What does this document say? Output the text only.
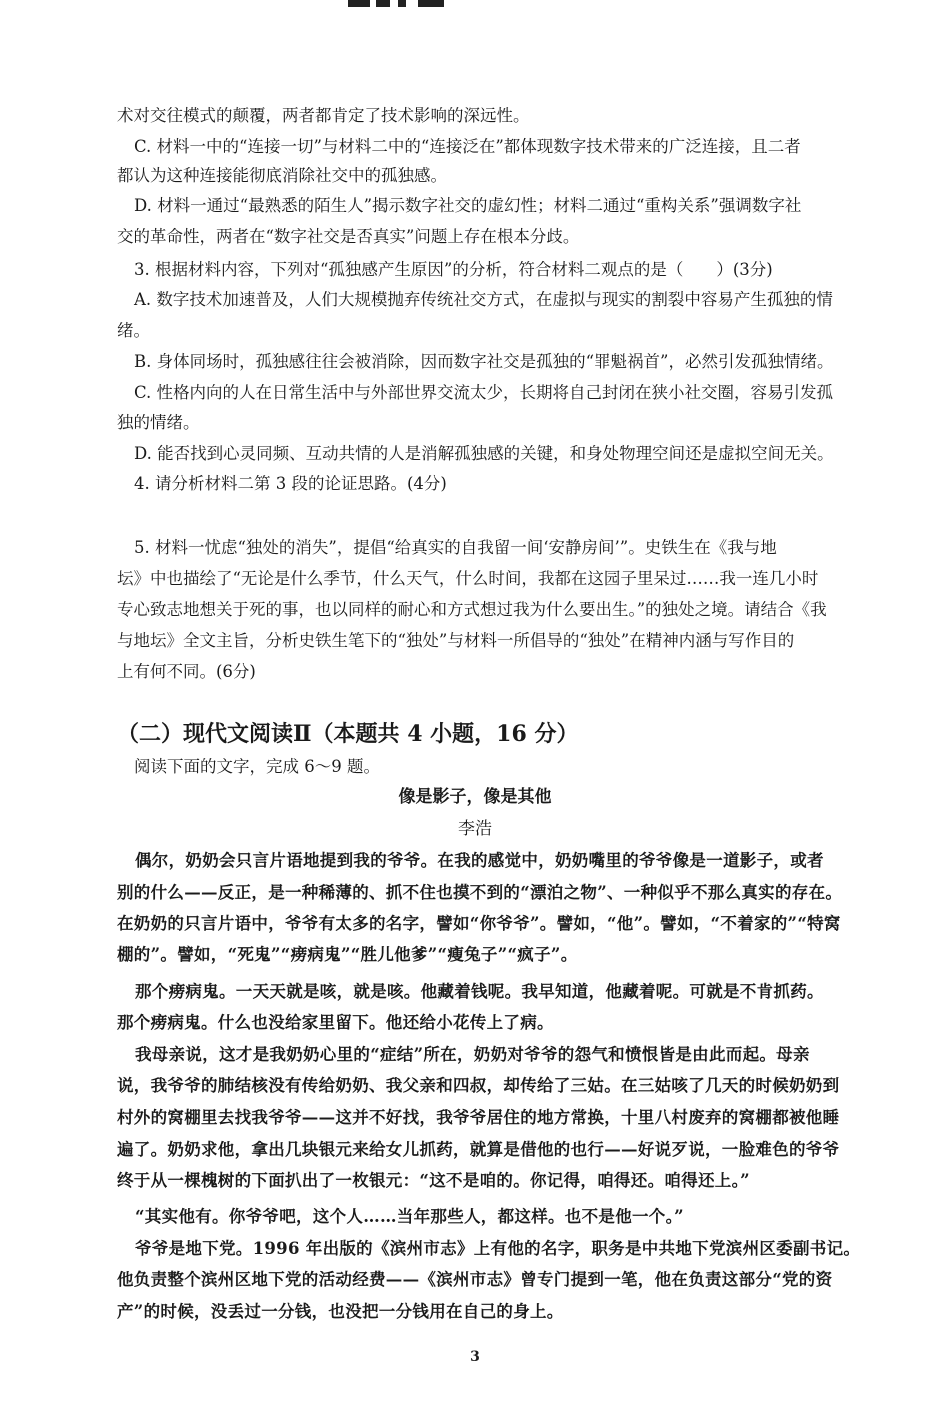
术对交往模式的颠覆，两者都肯定了技术影响的深远性。
C. 材料一中的“连接一切”与材料二中的“连接泛在”都体现数字技术带来的广泛连接，且二者
都认为这种连接能彻底消除社交中的孤独感。
D. 材料一通过“最熟悉的陌生人”揭示数字社交的虚幻性；材料二通过“重构关系”强调数字社
交的革命性，两者在“数字社交是否真实”问题上存在根本分歧。
3. 根据材料内容，下列对“孤独感产生原因”的分析，符合材料二观点的是（　　）(3分)
A. 数字技术加速普及，人们大规模抛弃传统社交方式，在虚拟与现实的割裂中容易产生孤独的情
绪。
B. 身体同场时，孤独感往往会被消除，因而数字社交是孤独的“罪魁祸首”，必然引发孤独情绪。
C. 性格内向的人在日常生活中与外部世界交流太少，长期将自己封闭在狭小社交圈，容易引发孤
独的情绪。
D. 能否找到心灵同频、互动共情的人是消解孤独感的关键，和身处物理空间还是虚拟空间无关。
4. 请分析材料二第 3 段的论证思路。(4分)
5. 材料一忧虑“独处的消失”，提倡“给真实的自我留一间‘安静房间’”。史铁生在《我与地
坛》中也描绘了“无论是什么季节，什么天气，什么时间，我都在这园子里呆过……我一连几小时
专心致志地想关于死的事，也以同样的耐心和方式想过我为什么要出生。”的独处之境。请结合《我
与地坛》全文主旨，分析史铁生笔下的“独处”与材料一所倡导的“独处”在精神内涵与写作目的
上有何不同。(6分)
（二）现代文阅读Ⅱ（本题共 4 小题，16 分）
阅读下面的文字，完成 6～9 题。
像是影子，像是其他
李浩
偶尔，奶奶会只言片语地提到我的爷爷。在我的感觉中，奶奶嘴里的爷爷像是一道影子，或者
别的什么——反正，是一种稀薄的、抓不住也摸不到的“漂泊之物”、一种似乎不那么真实的存在。
在奶奶的只言片语中，爷爷有太多的名字，譬如“你爷爷”。譬如，“他”。譬如，“不着家的”“特窝
棚的”。譬如，“死鬼”“痨病鬼”“胜儿他爹”“瘦兔子”“疯子”。
那个痨病鬼。一天天就是咳，就是咳。他藏着钱呢。我早知道，他藏着呢。可就是不肯抓药。
那个痨病鬼。什么也没给家里留下。他还给小花传上了病。
我母亲说，这才是我奶奶心里的“症结”所在，奶奶对爷爷的怨气和愤恨皆是由此而起。母亲
说，我爷爷的肺结核没有传给奶奶、我父亲和四叔，却传给了三姑。在三姑咳了几天的时候奶奶到
村外的窝棚里去找我爷爷——这并不好找，我爷爷居住的地方常换，十里八村废弃的窝棚都被他睡
遍了。奶奶求他，拿出几块银元来给女儿抓药，就算是借他的也行——好说歹说，一脸难色的爷爷
终于从一棵槐树的下面扒出了一枚银元：“这不是咱的。你记得，咱得还。咱得还上。”
“其实他有。你爷爷吧，这个人……当年那些人，都这样。也不是他一个。”
爷爷是地下党。1996 年出版的《滨州市志》上有他的名字，职务是中共地下党滨州区委副书记。
他负责整个滨州区地下党的活动经费——《滨州市志》曾专门提到一笔，他在负责这部分“党的资
产”的时候，没丢过一分钱，也没把一分钱用在自己的身上。
3
